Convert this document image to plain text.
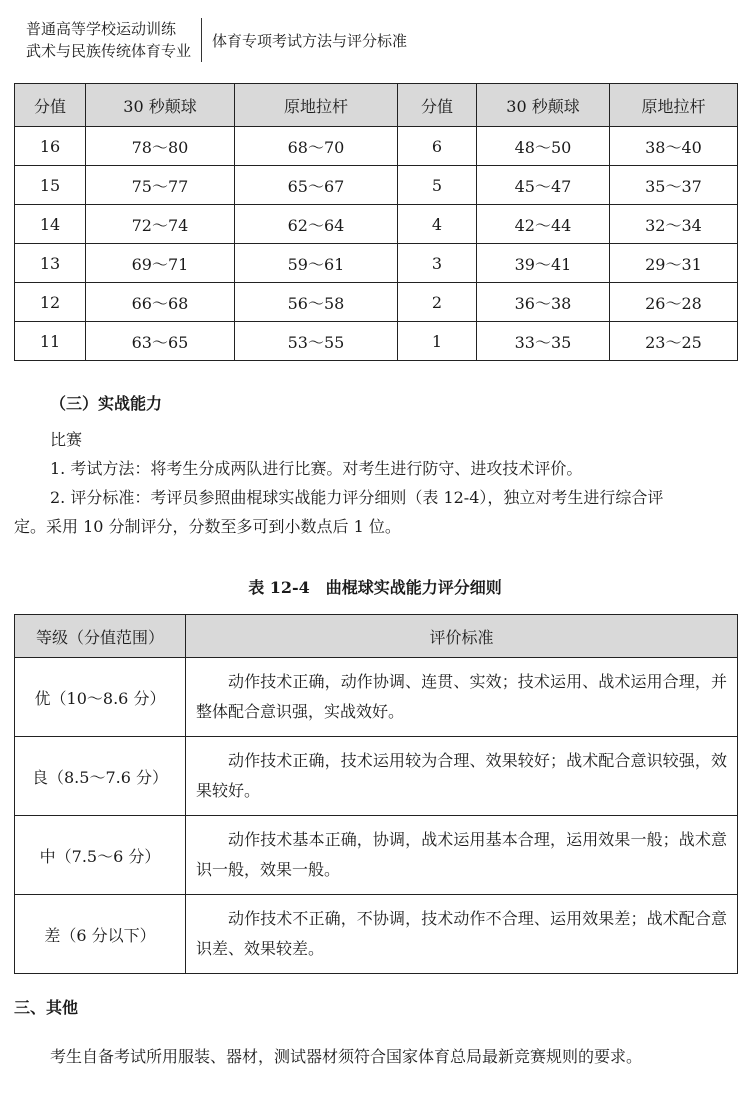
普通高等学校运动训练
武术与民族传统体育专业
体育专项考试方法与评分标准
分值	30 秒颠球	原地拉杆	分值	30 秒颠球	原地拉杆
16	78～80	68～70	6	48～50	38～40
15	75～77	65～67	5	45～47	35～37
14	72～74	62～64	4	42～44	32～34
13	69～71	59～61	3	39～41	29～31
12	66～68	56～58	2	36～38	26～28
11	63～65	53～55	1	33～35	23～25
（三）实战能力
比赛
1. 考试方法：将考生分成两队进行比赛。对考生进行防守、进攻技术评价。
2. 评分标准：考评员参照曲棍球实战能力评分细则（表 12-4），独立对考生进行综合评
定。采用 10 分制评分，分数至多可到小数点后 1 位。
表 12-4　曲棍球实战能力评分细则
等级（分值范围）	评价标准
优（10～8.6 分）	动作技术正确，动作协调、连贯、实效；技术运用、战术运用合理，并整体配合意识强，实战效好。

良（8.5～7.6 分）	动作技术正确，技术运用较为合理、效果较好；战术配合意识较强，效果较好。

中（7.5～6 分）	动作技术基本正确，协调，战术运用基本合理，运用效果一般；战术意识一般，效果一般。

差（6 分以下）	动作技术不正确，不协调，技术动作不合理、运用效果差；战术配合意识差、效果较差。
三、其他
考生自备考试所用服装、器材，测试器材须符合国家体育总局最新竞赛规则的要求。
